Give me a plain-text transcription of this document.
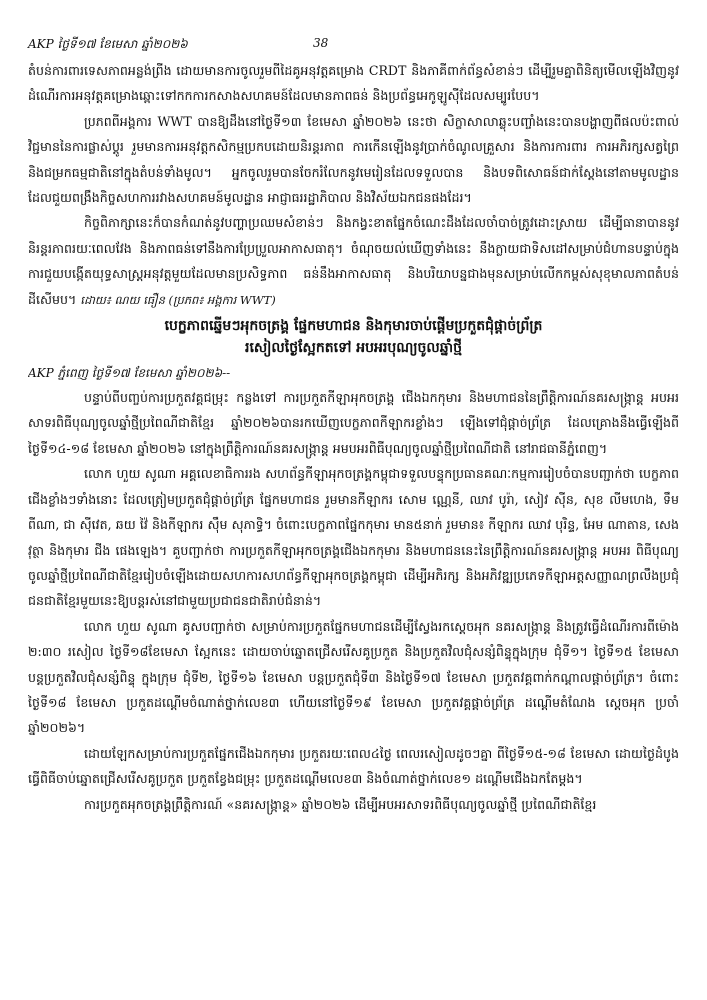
AKP ថ្ងៃទី១៧ ខែមេសា ឆ្នាំ២០២៦	38

តំបន់ការពារទេសភាពអន្លង់ព្រីង ដោយមានការចូលរួមពីដៃគូអនុវត្តគម្រោង CRDT និងភាគីពាក់ព័ន្ធសំខាន់ៗ ដើម្បីរួមគ្នាពិនិត្យមើលឡើងវិញនូវដំណើរការអនុវត្តគម្រោងឆ្ពោះទៅកកការកសាងសហគមន៍ដែលមានភាពធន់ និងប្រព័ន្ធអេកូឡូស៊ីដែលសម្បូរបែប។

ប្រភពពីអង្គការ WWT បានឱ្យដឹងនៅថ្ងៃទី១៣ ខែមេសា ឆ្នាំ២០២៦ នេះថា សិក្ខាសាលាឆ្លុះបញ្ចាំងនេះបានបង្ហាញពីផលប៉ះពាល់វិជ្ជមាននៃការផ្លាស់ប្តូរ រួមមានការអនុវត្តកសិកម្មប្រកបដោយនិរន្តរភាព ការកើនឡើងនូវប្រាក់ចំណូលគ្រួសារ និងការការពារ ការអភិរក្សសត្វព្រៃ និងជម្រកធម្មជាតិនៅក្នុងតំបន់ទាំងមូល។ អ្នកចូលរួមបានចែករំលែកនូវមេរៀនដែលទទួលបាន និងបទពិសោធន៍ជាក់ស្តែងនៅតាមមូលដ្ឋាន ដែលជួយពង្រឹងកិច្ចសហការរវាងសហគមន៍មូលដ្ឋាន អាជ្ញាធររដ្ឋាភិបាល និងវិស័យឯកជនផងដែរ។

កិច្ចពិភាក្សានេះក៏បានកំណត់នូវបញ្ហាប្រឈមសំខាន់ៗ និងកង្វះខាតផ្នែកចំណេះដឹងដែលចាំបាច់ត្រូវដោះស្រាយ ដើម្បីធានាបាននូវនិរន្តរភាពរយៈពេលវែង និងភាពធន់ទៅនឹងការប្រែប្រួលអាកាសធាតុ។ ចំណុចយល់ឃើញទាំងនេះ នឹងក្លាយជាទិសដៅសម្រាប់ជំហានបន្ទាប់ក្នុងការជួយបង្កើតយុទ្ធសាស្ត្រអនុវត្តមួយដែលមានប្រសិទ្ធភាព ធន់នឹងអាកាសធាតុ និងបរិយាបន្នជាងមុនសម្រាប់លើកកម្ពស់សុខុមាលភាពតំបន់ដីសើមប។ ដោយ៖ ណយ ធឿន (ប្រភព៖ អង្គការ WWT)

បេក្ខភាពឆ្នើមៗអុកចត្រង្គ ផ្នែកមហាជន និងកុមារចាប់ផ្តើមប្រកួតជុំផ្តាច់ព្រ័ត្រ
រសៀលថ្ងៃស្អែកតទៅ អបអរបុណ្យចូលឆ្នាំថ្មី

AKP ភ្នំពេញ ថ្ងៃទី១៧ ខែមេសា ឆ្នាំ២០២៦--

បន្ទាប់ពីបញ្ចប់ការប្រកួតវគ្គជម្រុះ កន្លងទៅ ការប្រកួតកីឡាអុកចត្រង្គ ជើងឯកកុមារ និងមហាជននៃព្រឹត្តិការណ៍នគរសង្ក្រាន្ត អបអរសាទរពិធីបុណ្យចូលឆ្នាំថ្មីប្រពៃណីជាតិខ្មែរ ឆ្នាំ២០២៦បានរកឃើញបេក្ខភាពកីឡាករខ្លាំងៗ ឡើងទៅជុំផ្តាច់ព្រ័ត្រ ដែលគ្រោងនឹងធ្វើឡើងពីថ្ងៃទី១៤-១៨ ខែមេសា ឆ្នាំ២០២៦ នៅក្នុងព្រឹត្តិការណ៍នគរសង្ក្រាន្ត អមបអរពិធីបុណ្យចូលឆ្នាំថ្មីប្រពៃណីជាតិ នៅរាជធានីភ្នំពេញ។

លោក ហួយ សូណា អគ្គលេខាធិការរង សហព័ន្ធកីឡាអុកចត្រង្គកម្ពុជាទទួលបន្ទុកប្រធានគណៈកម្មការរៀបចំបានបញ្ជាក់ថា បេក្ខភាពជើងខ្លាំងៗទាំងនោះ ដែលត្រៀមប្រកួតជុំផ្តាច់ព្រ័ត្រ ផ្នែកមហាជន រួមមានកីឡាករ សោម ណ្ណេនី, ឈាវ បូរ៉ា, សៀវ ស៊ីន, សុខ លីមហេង, ទឹម ពីណា, ជា ស៊ីវេត, ឆយ វ៉ៃ និងកីឡាករ ស៊ឹម សុភាទ្ធិ។ ចំពោះបេក្ខភាពផ្នែកកុមារ មាន៥នាក់ រួមមាន៖ កីឡាករ ឈាវ បុរិន្ទ, អែម ណាតាន, សេង វុត្ថា និងកុមារ ជីង ផេងឡេង។ គួបញ្ជាក់ថា ការប្រកួតកីឡាអុកចត្រង្គជើងឯកកុមារ និងមហាជននេះនៃព្រឹត្តិការណ៍នគរសង្ក្រាន្ត អបអរ ពិធីបុណ្យចូលឆ្នាំថ្មីប្រពៃណីជាតិខ្មែររៀបចំឡើងដោយសហការសហព័ន្ធកីឡាអុកចត្រង្គកម្ពុជា ដើម្បីអភិរក្ស និងអភិវឌ្ឍប្រភេទកីឡាអត្តសញ្ញាណព្រលឹងប្រជុំជនជាតិខ្មែរមួយនេះឱ្យបន្តរស់នៅជាមួយប្រជាជនជាតិរាប់ជំនាន់។

លោក ហួយ សូណា គូសបញ្ជាក់ថា សម្រាប់ការប្រកួតផ្នែកមហាជនដើម្បីស្វែងរកស្តេចអុក នគរសង្ក្រាន្ត និងត្រូវធ្វើដំណើរការពីម៉ោង ២:៣០ រសៀល ថ្ងៃទី១៨ខែមេសា ស្អែកនេះ ដោយចាប់ឆ្នោតជ្រើសរើសគូប្រកួត និងប្រកួតវិលជុំសន្សំពិន្ទុក្នុងក្រុម ជុំទី១។ ថ្ងៃទី១៥ ខែមេសា បន្តប្រកួតវិលជុំសន្សំពិន្ទុ ក្នុងក្រុម ជុំទី២, ថ្ងៃទី១៦ ខែមេសា បន្តប្រកួតជុំទី៣ និងថ្ងៃទី១៧ ខែមេសា ប្រកួតវគ្គពាក់កណ្តាលផ្តាច់ព្រ័ត្រ។ ចំពោះថ្ងៃទី១៨ ខែមេសា ប្រកួតដណ្តើមចំណាត់ថ្នាក់លេខ៣ ហើយនៅថ្ងៃទី១៩ ខែមេសា ប្រកួតវគ្គផ្តាច់ព្រ័ត្រ ដណ្តើមតំណែង ស្តេចអុក ប្រចាំឆ្នាំ២០២៦។

ដោយឡែកសម្រាប់ការប្រកួតផ្នែកជើងឯកកុមារ ប្រកួតរយៈពេល៤ថ្ងៃ ពេលរសៀលដូចៗគ្នា ពីថ្ងៃទី១៥-១៨ ខែមេសា ដោយថ្ងៃដំបូងធ្វើពិធីចាប់ឆ្នោតជ្រើសរើសគូប្រកួត ប្រកួតខ្វែងជម្រុះ ប្រកួតដណ្តើមលេខ៣ និងចំណាត់ថ្នាក់លេខ១ ដណ្តើមជើងឯកតែម្តង។

ការប្រកួតអុកចត្រង្គព្រឹត្តិការណ៍ «នគរសង្ក្រាន្ត» ឆ្នាំ២០២៦ ដើម្បីអបអរសាទរពិធីបុណ្យចូលឆ្នាំថ្មី ប្រពៃណីជាតិខ្មែរ
